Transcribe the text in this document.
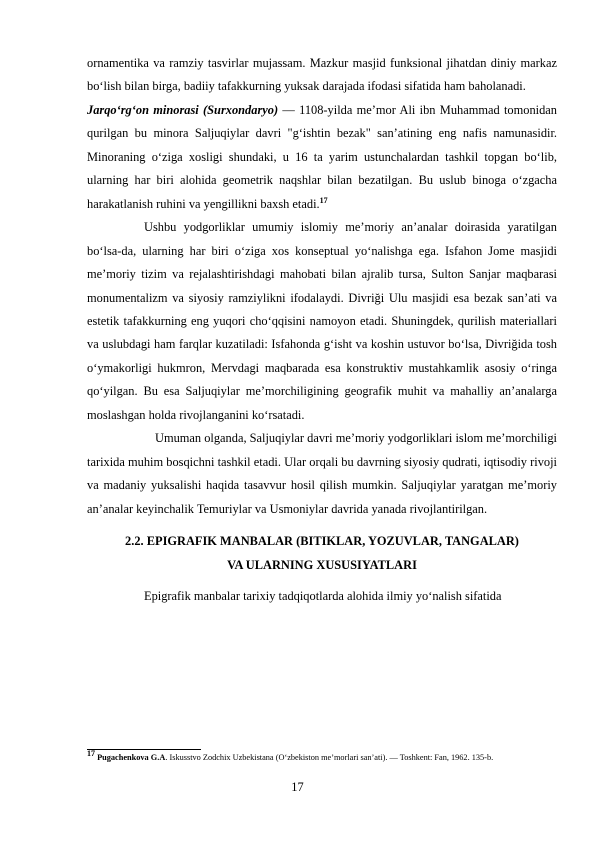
ornamentika va ramziy tasvirlar mujassam. Mazkur masjid funksional jihatdan diniy markaz bo‘lish bilan birga, badiiy tafakkurning yuksak darajada ifodasi sifatida ham baholanadi.

Jarqo‘rg‘on minorasi (Surxondaryo) — 1108-yilda me’mor Ali ibn Muhammad tomonidan qurilgan bu minora Saljuqiylar davri "g‘ishtin bezak" san’atining eng nafis namunasidir. Minoraning o‘ziga xosligi shundaki, u 16 ta yarim ustunchalardan tashkil topgan bo‘lib, ularning har biri alohida geometrik naqshlar bilan bezatilgan. Bu uslub binoga o‘zgacha harakatlanish ruhini va yengillikni baxsh etadi.$^{17}$

Ushbu yodgorliklar umumiy islomiy me’moriy an’analar doirasida yaratilgan bo‘lsa-da, ularning har biri o‘ziga xos konseptual yo‘nalishga ega. Isfahon Jome masjidi me’moriy tizim va rejalashtirishdagi mahobati bilan ajralib tursa, Sulton Sanjar maqbarasi monumentalizm va siyosiy ramziylikni ifodalaydi. Divriği Ulu masjidi esa bezak san’ati va estetik tafakkurning eng yuqori cho‘qqisini namoyon etadi. Shuningdek, qurilish materiallari va uslubdagi ham farqlar kuzatiladi: Isfahonda g‘isht va koshin ustuvor bo‘lsa, Divriğida tosh o‘ymakorligi hukmron, Mervdagi maqbarada esa konstruktiv mustahkamlik asosiy o‘ringa qo‘yilgan. Bu esa Saljuqiylar me’morchiligining geografik muhit va mahalliy an’analarga moslashgan holda rivojlanganini ko‘rsatadi.

Umuman olganda, Saljuqiylar davri me’moriy yodgorliklari islom me’morchiligi tarixida muhim bosqichni tashkil etadi. Ular orqali bu davrning siyosiy qudrati, iqtisodiy rivoji va madaniy yuksalishi haqida tasavvur hosil qilish mumkin. Saljuqiylar yaratgan me’moriy an’analar keyinchalik Temuriylar va Usmoniylar davrida yanada rivojlantirilgan.

2.2. EPIGRAFIK MANBALAR (BITIKLAR, YOZUVLAR, TANGALAR)
VA ULARNING XUSUSIYATLARI

Epigrafik manbalar tarixiy tadqiqotlarda alohida ilmiy yo‘nalish sifatida

$^{17}$ Pugachenkova G.A. Iskusstvo Zodchix Uzbekistana (O‘zbekiston me’morlari san’ati). — Toshkent: Fan, 1962. 135-b.
17
